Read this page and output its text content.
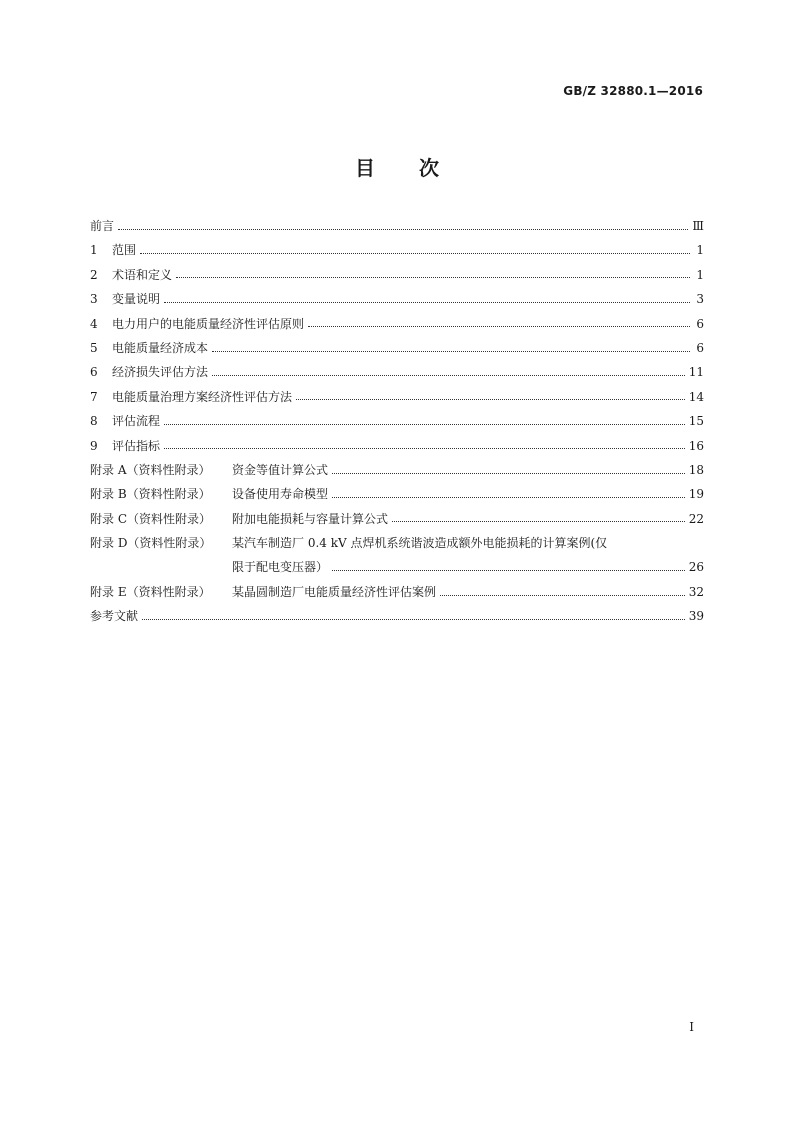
GB/Z 32880.1—2016
目 次
前言	Ⅲ
1	范围	1
2	术语和定义	1
3	变量说明	3
4	电力用户的电能质量经济性评估原则	6
5	电能质量经济成本	6
6	经济损失评估方法	11
7	电能质量治理方案经济性评估方法	14
8	评估流程	15
9	评估指标	16
附录 A（资料性附录）	资金等值计算公式	18
附录 B（资料性附录）	设备使用寿命模型	19
附录 C（资料性附录）	附加电能损耗与容量计算公式	22
附录 D（资料性附录）	某汽车制造厂 0.4 kV 点焊机系统谐波造成额外电能损耗的计算案例(仅
限于配电变压器）	26
附录 E（资料性附录）	某晶圆制造厂电能质量经济性评估案例	32
参考文献	39
Ⅰ
